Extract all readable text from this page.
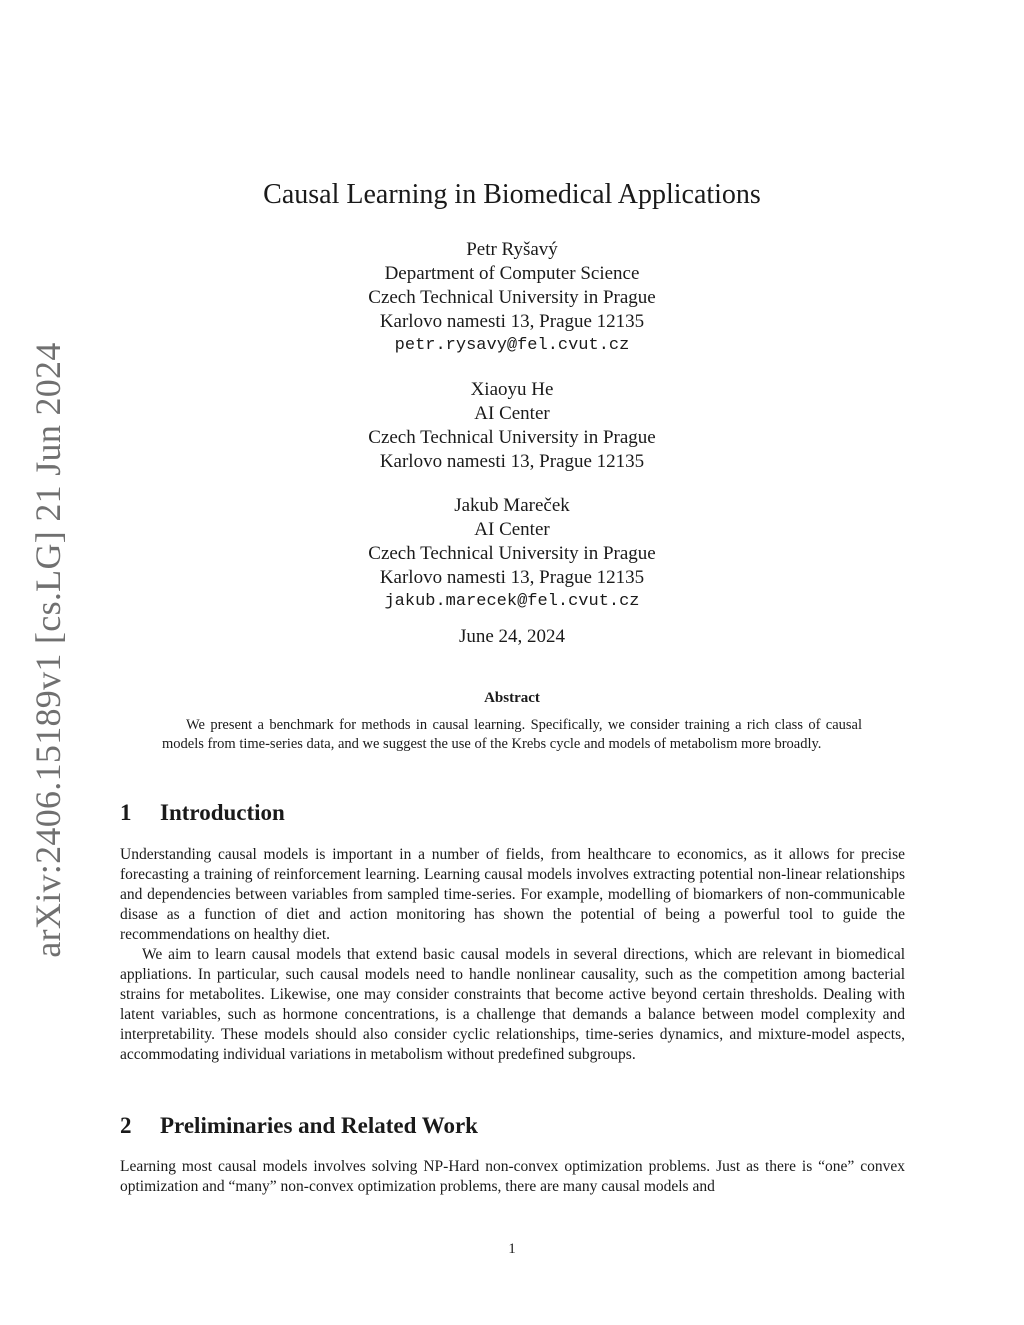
arXiv:2406.15189v1 [cs.LG] 21 Jun 2024
Causal Learning in Biomedical Applications
Petr Ryšavý
Department of Computer Science
Czech Technical University in Prague
Karlovo namesti 13, Prague 12135
petr.rysavy@fel.cvut.cz
Xiaoyu He
AI Center
Czech Technical University in Prague
Karlovo namesti 13, Prague 12135
Jakub Mareček
AI Center
Czech Technical University in Prague
Karlovo namesti 13, Prague 12135
jakub.marecek@fel.cvut.cz
June 24, 2024
Abstract

We present a benchmark for methods in causal learning. Specifically, we consider training a rich class of causal models from time-series data, and we suggest the use of the Krebs cycle and models of metabolism more broadly.

1 Introduction

Understanding causal models is important in a number of fields, from healthcare to economics, as it allows for precise forecasting a training of reinforcement learning. Learning causal models involves extracting potential non-linear relationships and dependencies between variables from sampled time-series. For example, modelling of biomarkers of non-communicable disase as a function of diet and action monitoring has shown the potential of being a powerful tool to guide the recommendations on healthy diet.

We aim to learn causal models that extend basic causal models in several directions, which are relevant in biomedical appliations. In particular, such causal models need to handle nonlinear causality, such as the competition among bacterial strains for metabolites. Likewise, one may consider constraints that become active beyond certain thresholds. Dealing with latent variables, such as hormone concentrations, is a challenge that demands a balance between model complexity and interpretability. These models should also consider cyclic relationships, time-series dynamics, and mixture-model aspects, accommodating individual variations in metabolism without predefined subgroups.

2 Preliminaries and Related Work

Learning most causal models involves solving NP-Hard non-convex optimization problems. Just as there is “one” convex optimization and “many” non-convex optimization problems, there are many causal models and

1
